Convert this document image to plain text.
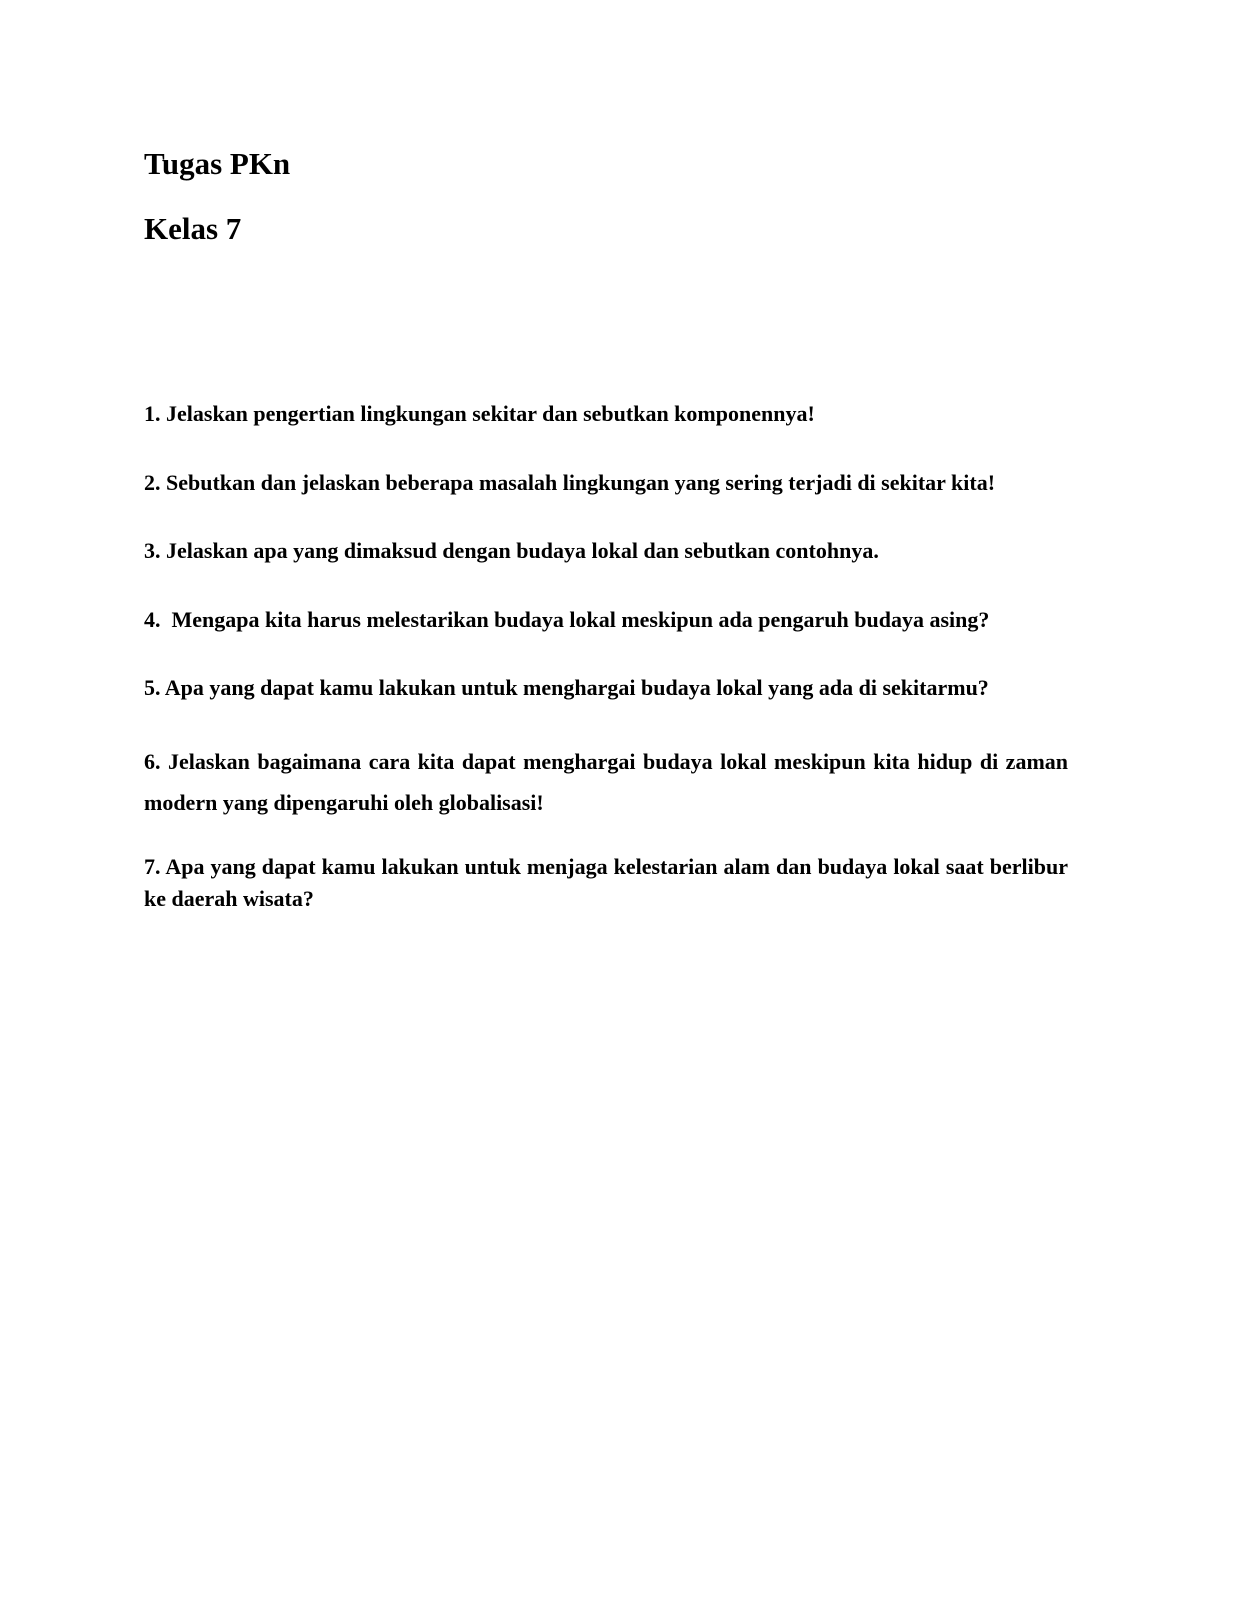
Tugas PKn
Kelas 7

1. Jelaskan pengertian lingkungan sekitar dan sebutkan komponennya!

2. Sebutkan dan jelaskan beberapa masalah lingkungan yang sering terjadi di sekitar kita!

3. Jelaskan apa yang dimaksud dengan budaya lokal dan sebutkan contohnya.

4.  Mengapa kita harus melestarikan budaya lokal meskipun ada pengaruh budaya asing?

5. Apa yang dapat kamu lakukan untuk menghargai budaya lokal yang ada di sekitarmu?

6. Jelaskan bagaimana cara kita dapat menghargai budaya lokal meskipun kita hidup di zaman modern yang dipengaruhi oleh globalisasi!

7. Apa yang dapat kamu lakukan untuk menjaga kelestarian alam dan budaya lokal saat berlibur ke daerah wisata?
